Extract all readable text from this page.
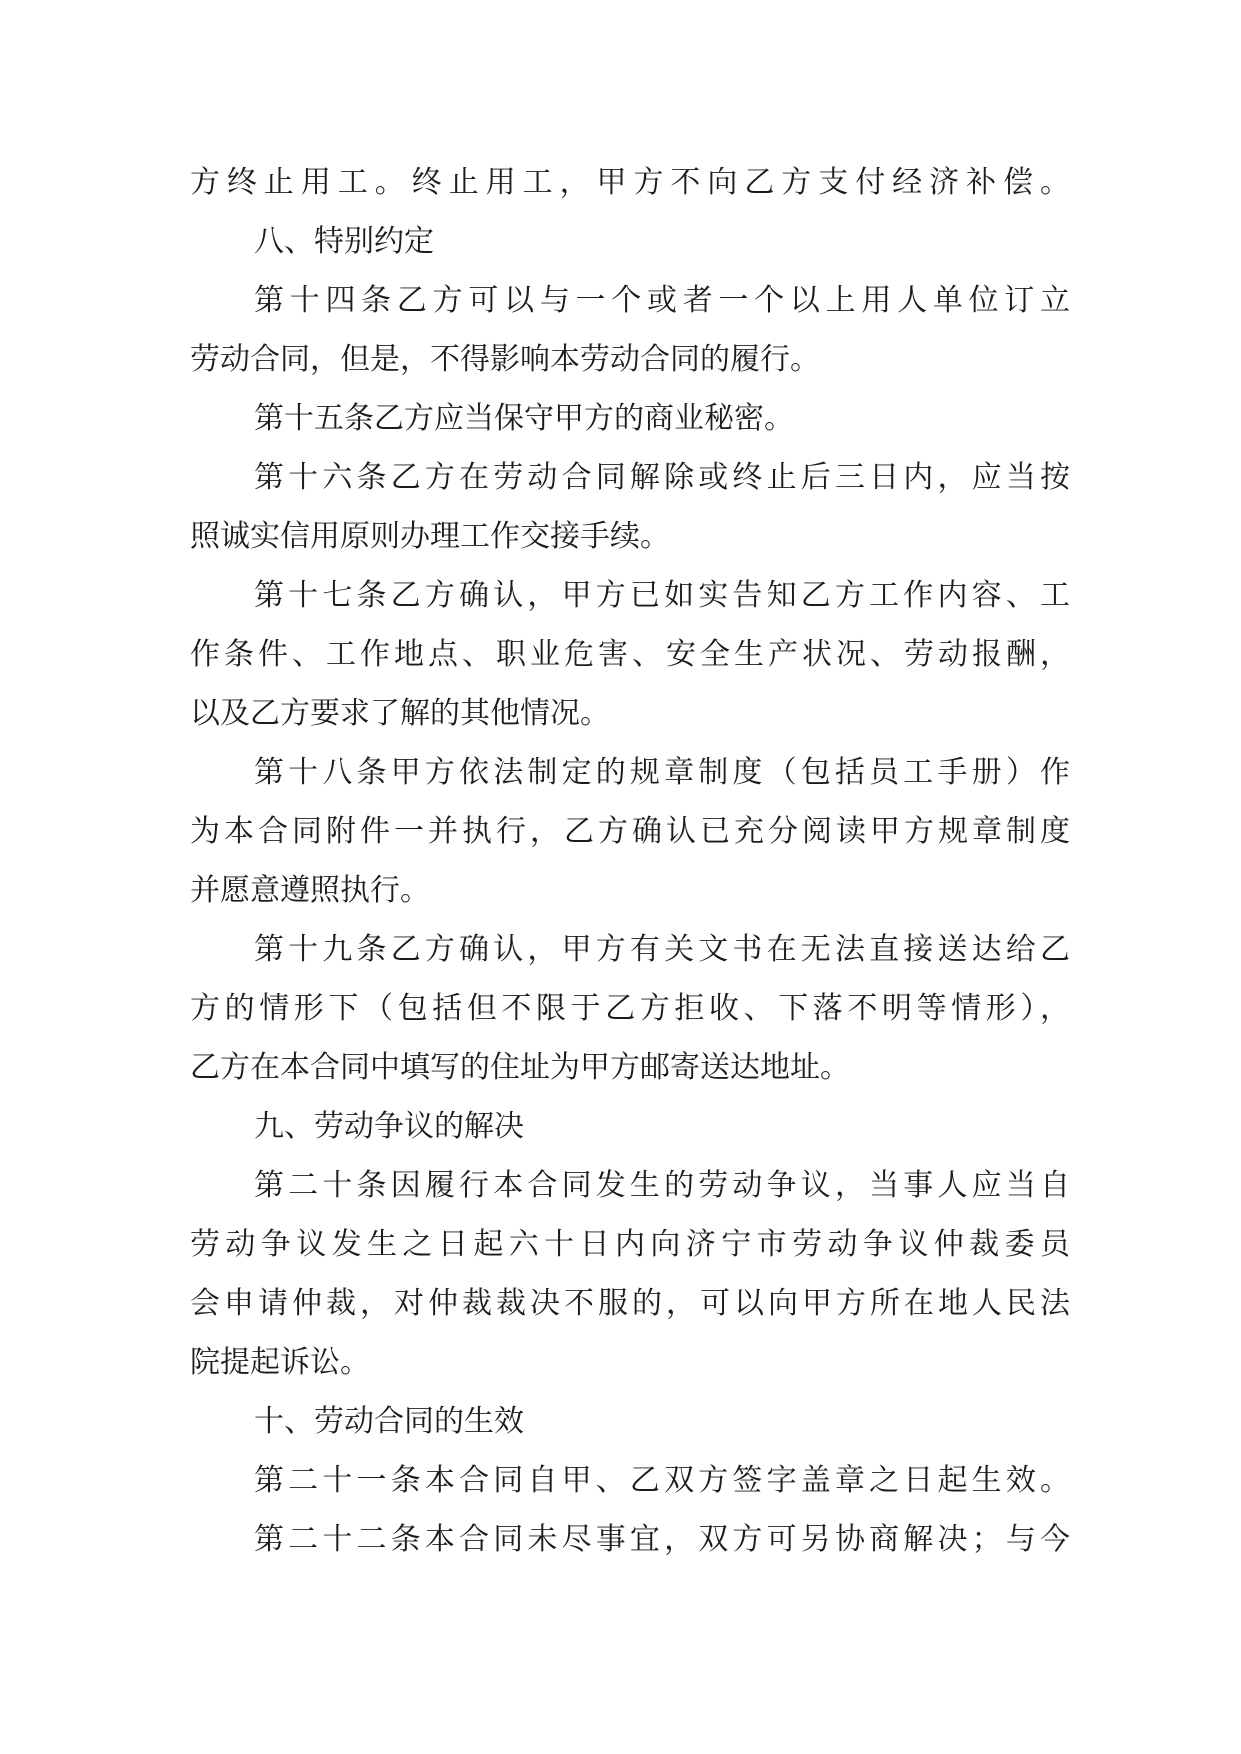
方终止用工。终止用工，甲方不向乙方支付经济补偿。
八、特别约定
第十四条乙方可以与一个或者一个以上用人单位订立
劳动合同，但是，不得影响本劳动合同的履行。
第十五条乙方应当保守甲方的商业秘密。
第十六条乙方在劳动合同解除或终止后三日内，应当按
照诚实信用原则办理工作交接手续。
第十七条乙方确认，甲方已如实告知乙方工作内容、工
作条件、工作地点、职业危害、安全生产状况、劳动报酬，
以及乙方要求了解的其他情况。
第十八条甲方依法制定的规章制度（包括员工手册）作
为本合同附件一并执行，乙方确认已充分阅读甲方规章制度
并愿意遵照执行。
第十九条乙方确认，甲方有关文书在无法直接送达给乙
方的情形下（包括但不限于乙方拒收、下落不明等情形），
乙方在本合同中填写的住址为甲方邮寄送达地址。
九、劳动争议的解决
第二十条因履行本合同发生的劳动争议，当事人应当自
劳动争议发生之日起六十日内向济宁市劳动争议仲裁委员
会申请仲裁，对仲裁裁决不服的，可以向甲方所在地人民法
院提起诉讼。
十、劳动合同的生效
第二十一条本合同自甲、乙双方签字盖章之日起生效。
第二十二条本合同未尽事宜，双方可另协商解决；与今
